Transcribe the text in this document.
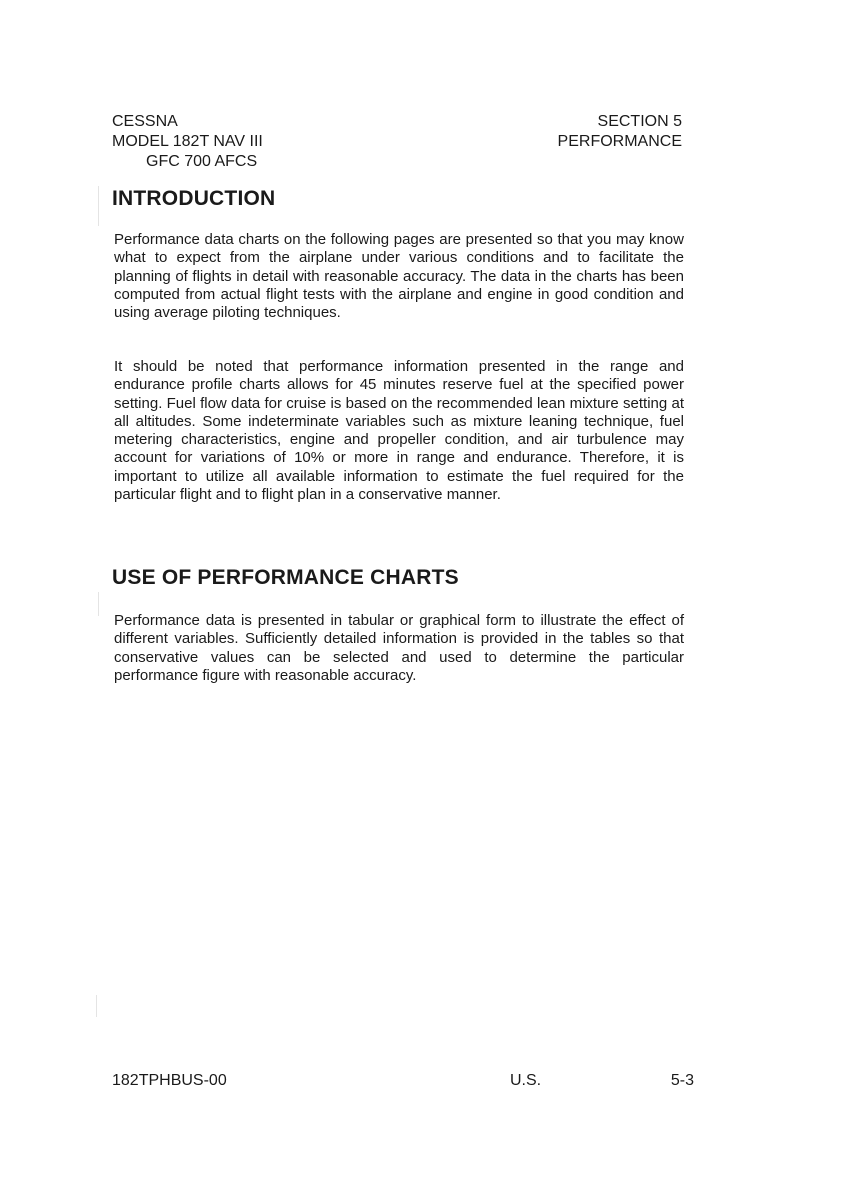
CESSNA
MODEL 182T NAV III
GFC 700 AFCS
SECTION 5
PERFORMANCE
INTRODUCTION

Performance data charts on the following pages are presented so that you may know what to expect from the airplane under various conditions and to facilitate the planning of flights in detail with reasonable accuracy. The data in the charts has been computed from actual flight tests with the airplane and engine in good condition and using average piloting techniques.

It should be noted that performance information presented in the range and endurance profile charts allows for 45 minutes reserve fuel at the specified power setting. Fuel flow data for cruise is based on the recommended lean mixture setting at all altitudes. Some indeterminate variables such as mixture leaning technique, fuel metering characteristics, engine and propeller condition, and air turbulence may account for variations of 10% or more in range and endurance. Therefore, it is important to utilize all available information to estimate the fuel required for the particular flight and to flight plan in a conservative manner.

USE OF PERFORMANCE CHARTS

Performance data is presented in tabular or graphical form to illustrate the effect of different variables. Sufficiently detailed information is provided in the tables so that conservative values can be selected and used to determine the particular performance figure with reasonable accuracy.

182TPHBUS-00	U.S.	5-3
